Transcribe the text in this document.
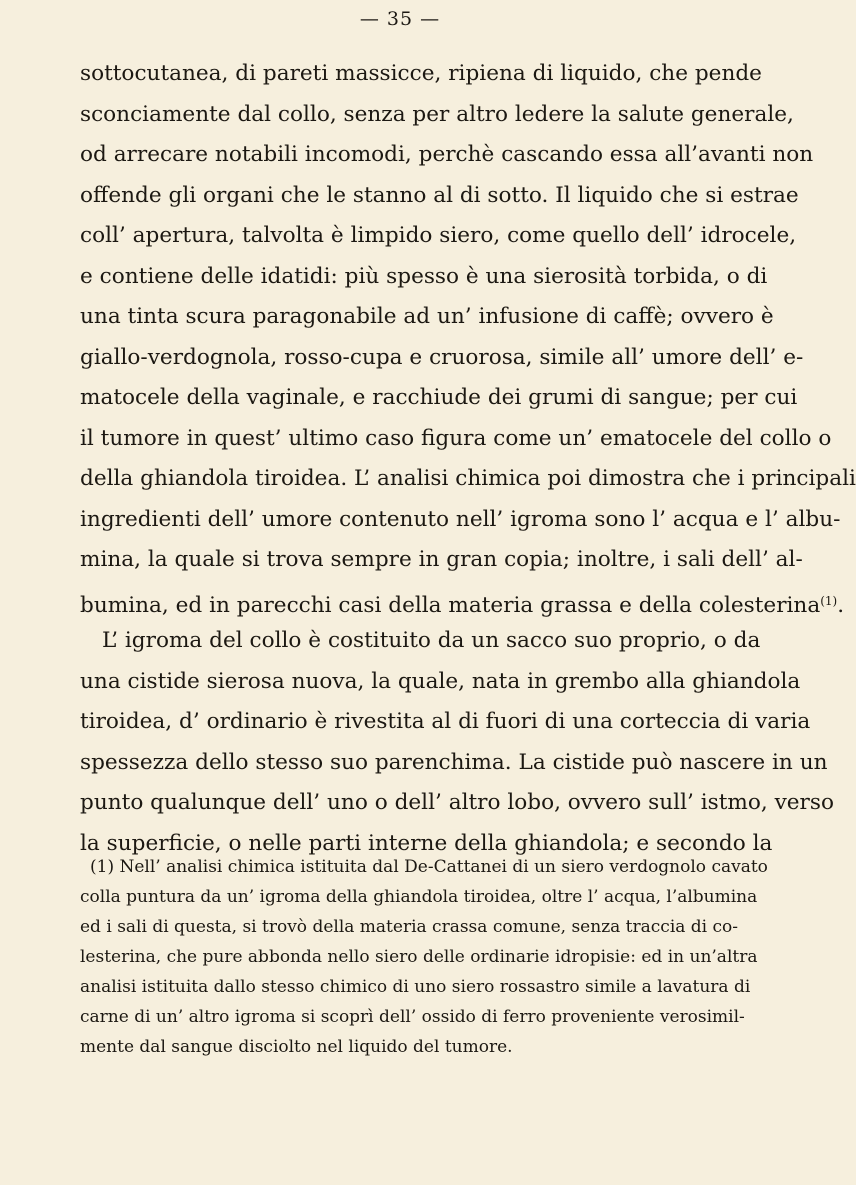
— 35 —
sottocutanea, di pareti massicce, ripiena di liquido, che pende
sconciamente dal collo, senza per altro ledere la salute generale,
od arrecare notabili incomodi, perchè cascando essa all’avanti non
offende gli organi che le stanno al di sotto. Il liquido che si estrae
coll’ apertura, talvolta è limpido siero, come quello dell’ idrocele,
e contiene delle idatidi: più spesso è una sierosità torbida, o di
una tinta scura paragonabile ad un’ infusione di caffè; ovvero è
giallo-verdognola, rosso-cupa e cruorosa, simile all’ umore dell’ e-
matocele della vaginale, e racchiude dei grumi di sangue; per cui
il tumore in quest’ ultimo caso figura come un’ ematocele del collo o
della ghiandola tiroidea. L’ analisi chimica poi dimostra che i principali
ingredienti dell’ umore contenuto nell’ igroma sono l’ acqua e l’ albu-
mina, la quale si trova sempre in gran copia; inoltre, i sali dell’ al-
bumina, ed in parecchi casi della materia grassa e della colesterina$^{(1)}$.
L’ igroma del collo è costituito da un sacco suo proprio, o da
una cistide sierosa nuova, la quale, nata in grembo alla ghiandola
tiroidea, d’ ordinario è rivestita al di fuori di una corteccia di varia
spessezza dello stesso suo parenchima. La cistide può nascere in un
punto qualunque dell’ uno o dell’ altro lobo, ovvero sull’ istmo, verso
la superficie, o nelle parti interne della ghiandola; e secondo la
(1) Nell’ analisi chimica istituita dal De-Cattanei di un siero verdognolo cavato
colla puntura da un’ igroma della ghiandola tiroidea, oltre l’ acqua, l’albumina
ed i sali di questa, si trovò della materia crassa comune, senza traccia di co-
lesterina, che pure abbonda nello siero delle ordinarie idropisie: ed in un’altra
analisi istituita dallo stesso chimico di uno siero rossastro simile a lavatura di
carne di un’ altro igroma si scoprì dell’ ossido di ferro proveniente verosimil-
mente dal sangue disciolto nel liquido del tumore.
